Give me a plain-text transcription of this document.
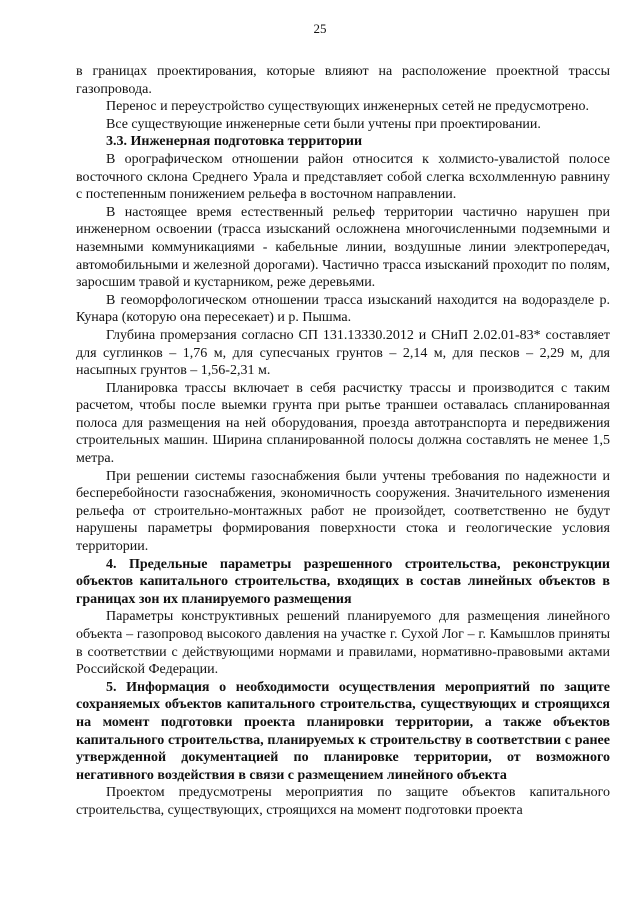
25

в границах проектирования, которые влияют на расположение проектной трассы газопровода.

Перенос и переустройство существующих инженерных сетей не предусмотрено.

Все существующие инженерные сети были учтены при проектировании.

3.3. Инженерная подготовка территории

В орографическом отношении район относится к холмисто-увалистой полосе восточного склона Среднего Урала и представляет собой слегка всхолмленную равнину с постепенным понижением рельефа в восточном направлении.

В настоящее время естественный рельеф территории частично нарушен при инженерном освоении (трасса изысканий осложнена многочисленными подземными и наземными коммуникациями - кабельные линии, воздушные линии электропередач, автомобильными и железной дорогами). Частично трасса изысканий проходит по полям, заросшим травой и кустарником, реже деревьями.

В геоморфологическом отношении трасса изысканий находится на водоразделе р. Кунара (которую она пересекает) и р. Пышма.

Глубина промерзания согласно СП 131.13330.2012 и СНиП 2.02.01-83* составляет для суглинков – 1,76 м, для супесчаных грунтов – 2,14 м, для песков – 2,29 м, для насыпных грунтов – 1,56-2,31 м.

Планировка трассы включает в себя расчистку трассы и производится с таким расчетом, чтобы после выемки грунта при рытье траншеи оставалась спланированная полоса для размещения на ней оборудования, проезда автотранспорта и передвижения строительных машин. Ширина спланированной полосы должна составлять не менее 1,5 метра.

При решении системы газоснабжения были учтены требования по надежности и бесперебойности газоснабжения, экономичность сооружения. Значительного изменения рельефа от строительно-монтажных работ не произойдет, соответственно не будут нарушены параметры формирования поверхности стока и геологические условия территории.

4. Предельные параметры разрешенного строительства, реконструкции объектов капитального строительства, входящих в состав линейных объектов в границах зон их планируемого размещения

Параметры конструктивных решений планируемого для размещения линейного объекта – газопровод высокого давления на участке г. Сухой Лог – г. Камышлов приняты в соответствии с действующими нормами и правилами, нормативно-правовыми актами Российской Федерации.

5. Информация о необходимости осуществления мероприятий по защите сохраняемых объектов капитального строительства, существующих и строящихся на момент подготовки проекта планировки территории, а также объектов капитального строительства, планируемых к строительству в соответствии с ранее утвержденной документацией по планировке территории, от возможного негативного воздействия в связи с размещением линейного объекта

Проектом предусмотрены мероприятия по защите объектов капитального строительства, существующих, строящихся на момент подготовки проекта
